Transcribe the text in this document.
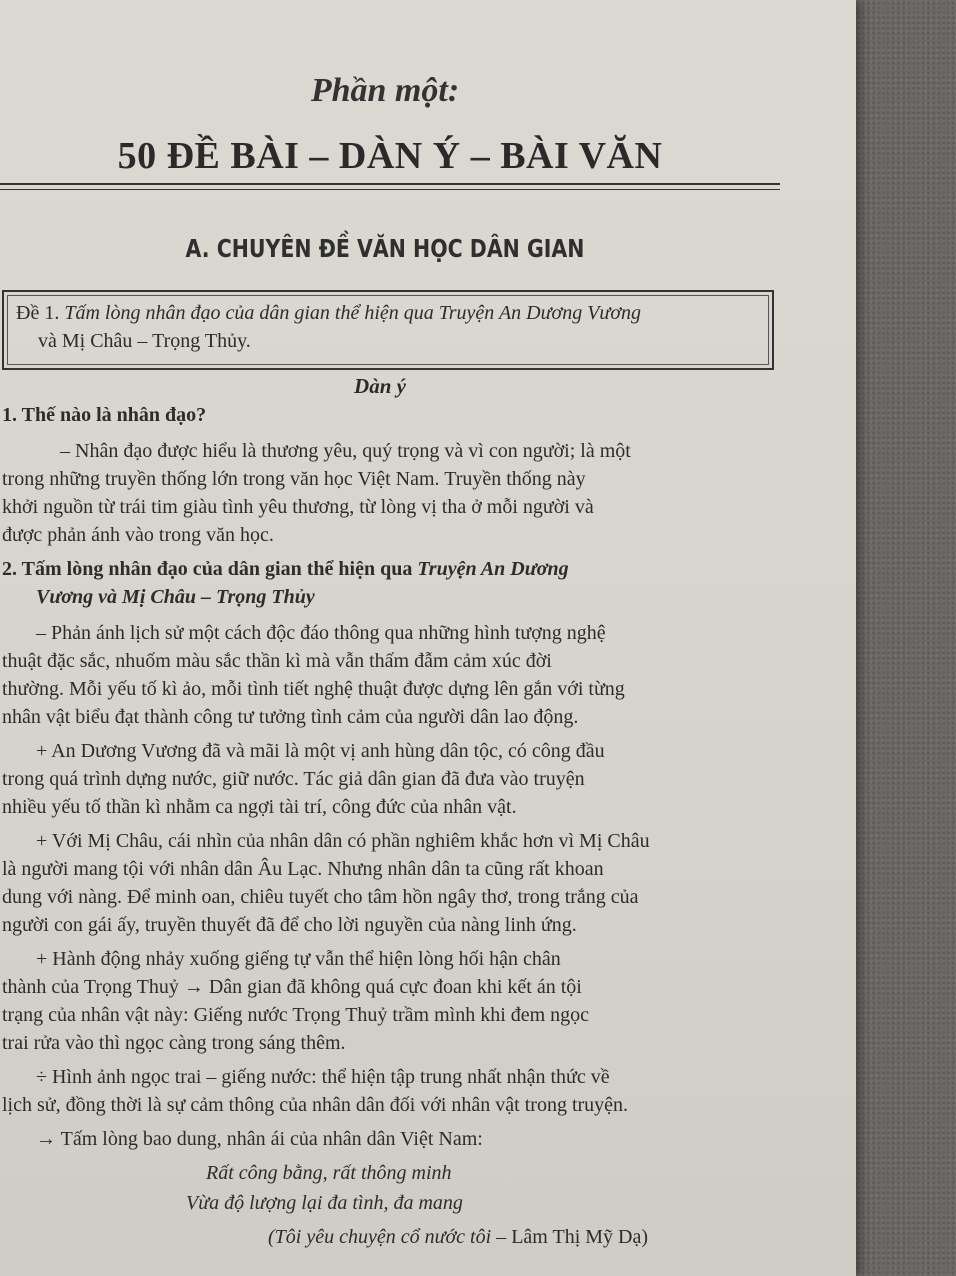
Phần một:
50 ĐỀ BÀI – DÀN Ý – BÀI VĂN
A. CHUYÊN ĐỀ VĂN HỌC DÂN GIAN
Đề 1. Tấm lòng nhân đạo của dân gian thể hiện qua Truyện An Dương Vương
và Mị Châu – Trọng Thủy.
Dàn ý
1. Thế nào là nhân đạo?
– Nhân đạo được hiểu là thương yêu, quý trọng và vì con người; là một
trong những truyền thống lớn trong văn học Việt Nam. Truyền thống này
khởi nguồn từ trái tim giàu tình yêu thương, từ lòng vị tha ở mỗi người và
được phản ánh vào trong văn học.
2. Tấm lòng nhân đạo của dân gian thể hiện qua Truyện An Dương
Vương và Mị Châu – Trọng Thủy
– Phản ánh lịch sử một cách độc đáo thông qua những hình tượng nghệ
thuật đặc sắc, nhuốm màu sắc thần kì mà vẫn thấm đẫm cảm xúc đời
thường. Mỗi yếu tố kì ảo, mỗi tình tiết nghệ thuật được dựng lên gắn với từng
nhân vật biểu đạt thành công tư tưởng tình cảm của người dân lao động.
+ An Dương Vương đã và mãi là một vị anh hùng dân tộc, có công đầu
trong quá trình dựng nước, giữ nước. Tác giả dân gian đã đưa vào truyện
nhiều yếu tố thần kì nhằm ca ngợi tài trí, công đức của nhân vật.
+ Với Mị Châu, cái nhìn của nhân dân có phần nghiêm khắc hơn vì Mị Châu
là người mang tội với nhân dân Âu Lạc. Nhưng nhân dân ta cũng rất khoan
dung với nàng. Để minh oan, chiêu tuyết cho tâm hồn ngây thơ, trong trắng của
người con gái ấy, truyền thuyết đã để cho lời nguyền của nàng linh ứng.
+ Hành động nhảy xuống giếng tự vẫn thể hiện lòng hối hận chân
thành của Trọng Thuỷ → Dân gian đã không quá cực đoan khi kết án tội
trạng của nhân vật này: Giếng nước Trọng Thuỷ trầm mình khi đem ngọc
trai rửa vào thì ngọc càng trong sáng thêm.
÷ Hình ảnh ngọc trai – giếng nước: thể hiện tập trung nhất nhận thức về
lịch sử, đồng thời là sự cảm thông của nhân dân đối với nhân vật trong truyện.
→ Tấm lòng bao dung, nhân ái của nhân dân Việt Nam:
Rất công bằng, rất thông minh
Vừa độ lượng lại đa tình, đa mang
(Tôi yêu chuyện cổ nước tôi – Lâm Thị Mỹ Dạ)
